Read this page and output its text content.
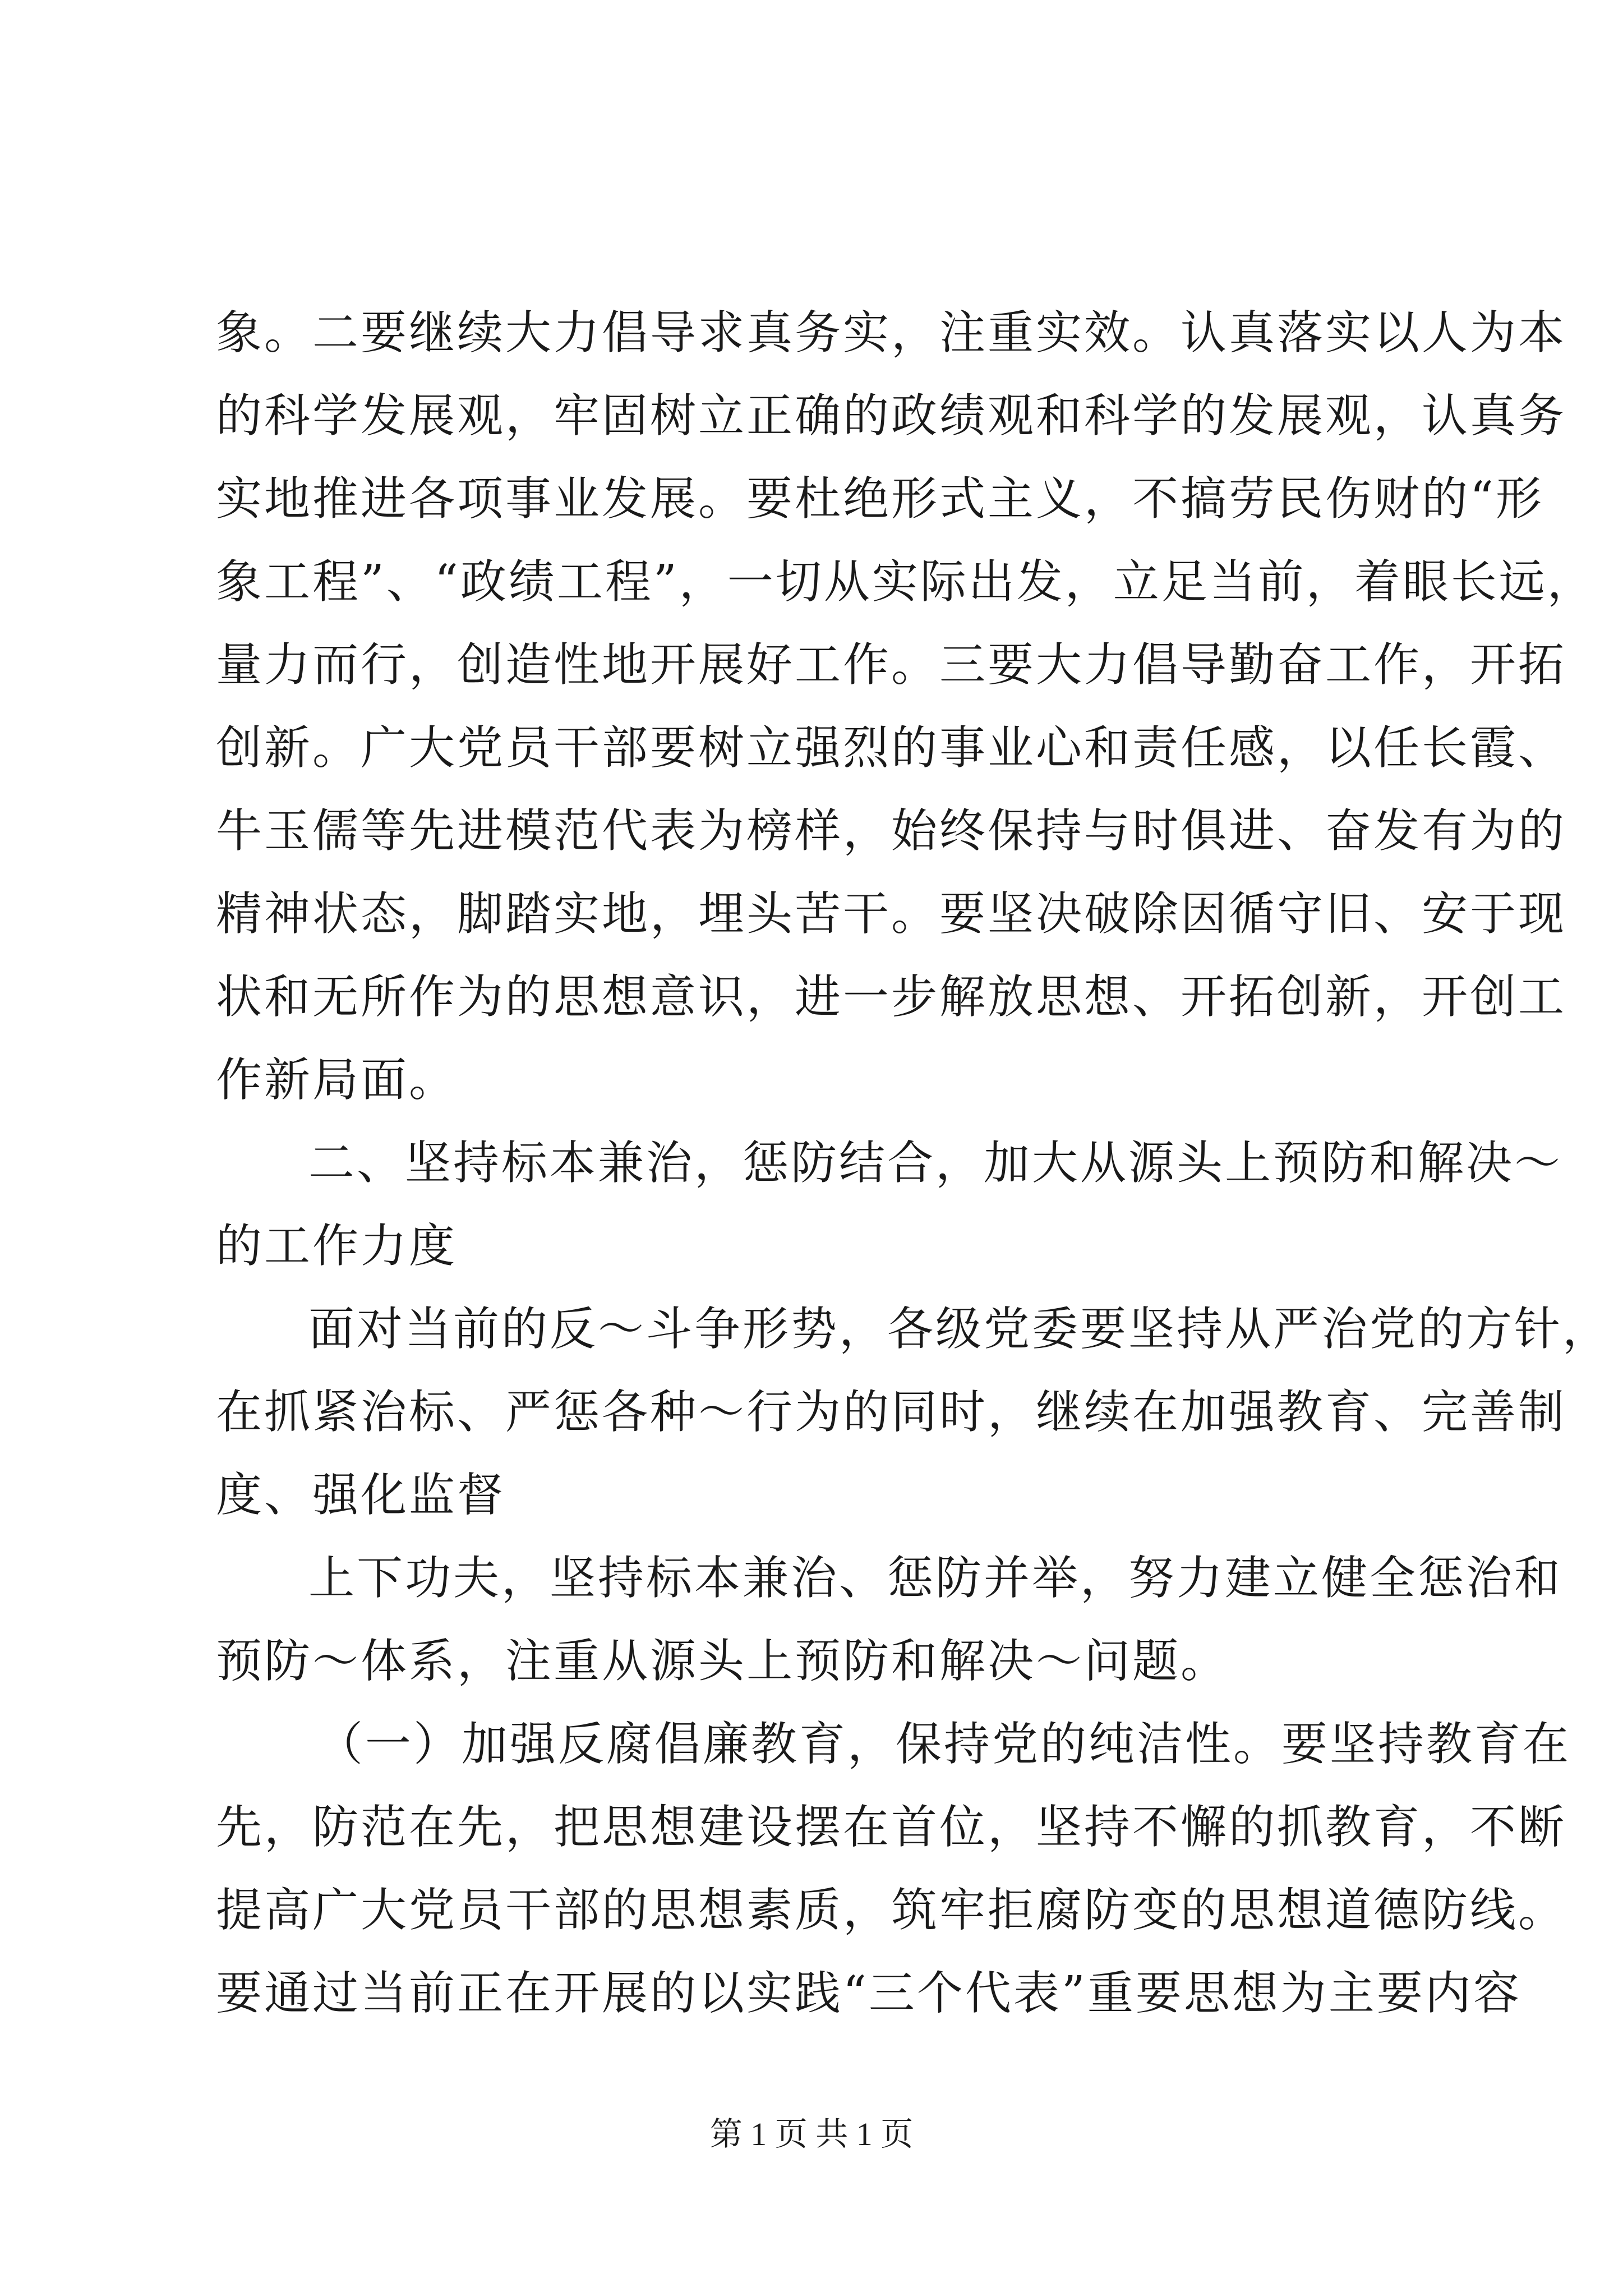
象。二要继续大力倡导求真务实，注重实效。认真落实以人为本
的科学发展观，牢固树立正确的政绩观和科学的发展观，认真务
实地推进各项事业发展。要杜绝形式主义，不搞劳民伤财的“形
象工程”、“政绩工程”，一切从实际出发，立足当前，着眼长远，
量力而行，创造性地开展好工作。三要大力倡导勤奋工作，开拓
创新。广大党员干部要树立强烈的事业心和责任感，以任长霞、
牛玉儒等先进模范代表为榜样，始终保持与时俱进、奋发有为的
精神状态，脚踏实地，埋头苦干。要坚决破除因循守旧、安于现
状和无所作为的思想意识，进一步解放思想、开拓创新，开创工
作新局面。
二、坚持标本兼治，惩防结合，加大从源头上预防和解决～
的工作力度
面对当前的反～斗争形势，各级党委要坚持从严治党的方针，
在抓紧治标、严惩各种～行为的同时，继续在加强教育、完善制
度、强化监督
上下功夫，坚持标本兼治、惩防并举，努力建立健全惩治和
预防～体系，注重从源头上预防和解决～问题。
（一）加强反腐倡廉教育，保持党的纯洁性。要坚持教育在
先，防范在先，把思想建设摆在首位，坚持不懈的抓教育，不断
提高广大党员干部的思想素质，筑牢拒腐防变的思想道德防线。
要通过当前正在开展的以实践“三个代表”重要思想为主要内容
第 1 页 共 1 页
